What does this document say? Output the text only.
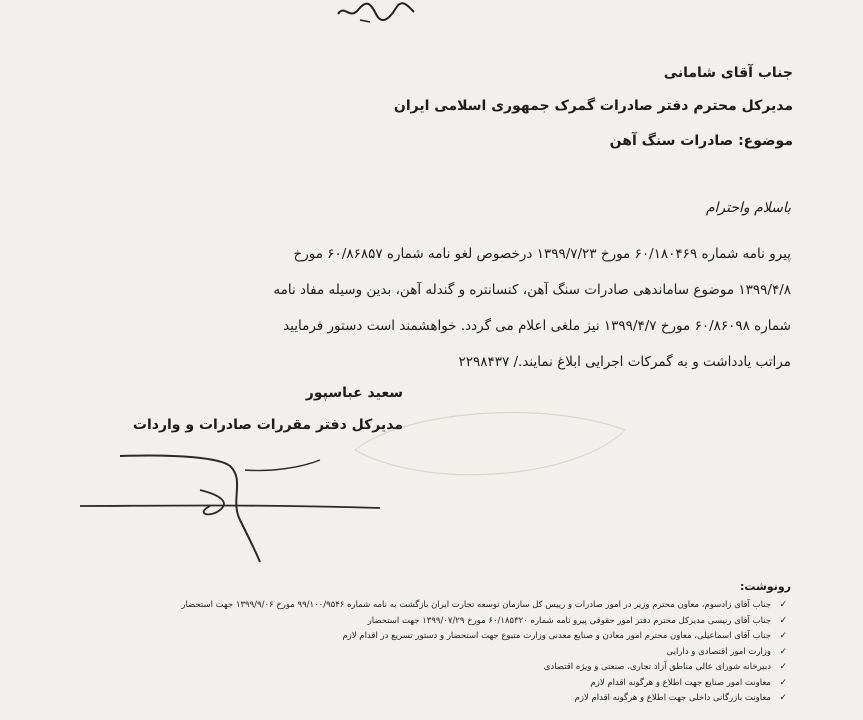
جناب آقای شامانی
مدیرکل محترم دفتر صادرات گمرک جمهوری اسلامی ایران
موضوع: صادرات سنگ آهن
باسلام واحترام

پیرو نامه شماره ۶۰/۱۸۰۴۶۹ مورخ ۱۳۹۹/۷/۲۳ درخصوص لغو نامه شماره ۶۰/۸۶۸۵۷ مورخ

۱۳۹۹/۴/۸ موضوع ساماندهی صادرات سنگ آهن، کنسانتره و گندله آهن، بدین وسیله مفاد نامه

شماره ۶۰/۸۶۰۹۸ مورخ ۱۳۹۹/۴/۷ نیز ملغی اعلام می گردد. خواهشمند است دستور فرمایید

مراتب یادداشت و به گمرکات اجرایی ابلاغ نمایند./ ۲۲۹۸۴۳۷

سعید عباسپور
مدیرکل دفتر مقررات صادرات و واردات
رونوشت:
✓
جناب آقای زادسوم، معاون محترم وزیر در امور صادرات و رییس کل سازمان توسعه تجارت ایران بازگشت به نامه شماره ۹۹/۱۰۰/۹۵۴۶ مورخ ۱۳۹۹/۹/۰۶ جهت استحضار
✓
جناب آقای رنیسی مدیرکل محترم دفتر امور حقوقی پیرو نامه شماره ۶۰/۱۸۵۳۲۰ مورخ ۱۳۹۹/۰۷/۲۹ جهت استحضار
✓
جناب آقای اسماعیلی، معاون محترم امور معادن و صنایع معدنی وزارت متبوع جهت استحضار و دستور تسریع در اقدام لازم
✓
وزارت امور اقتصادی و دارایی
✓
دبیرخانه شورای عالی مناطق آزاد تجاری، صنعتی و ویژه اقتصادی
✓
معاونت امور صنایع جهت اطلاع و هرگونه اقدام لازم
✓
معاونت بازرگانی داخلی جهت اطلاع و هرگونه اقدام لازم
